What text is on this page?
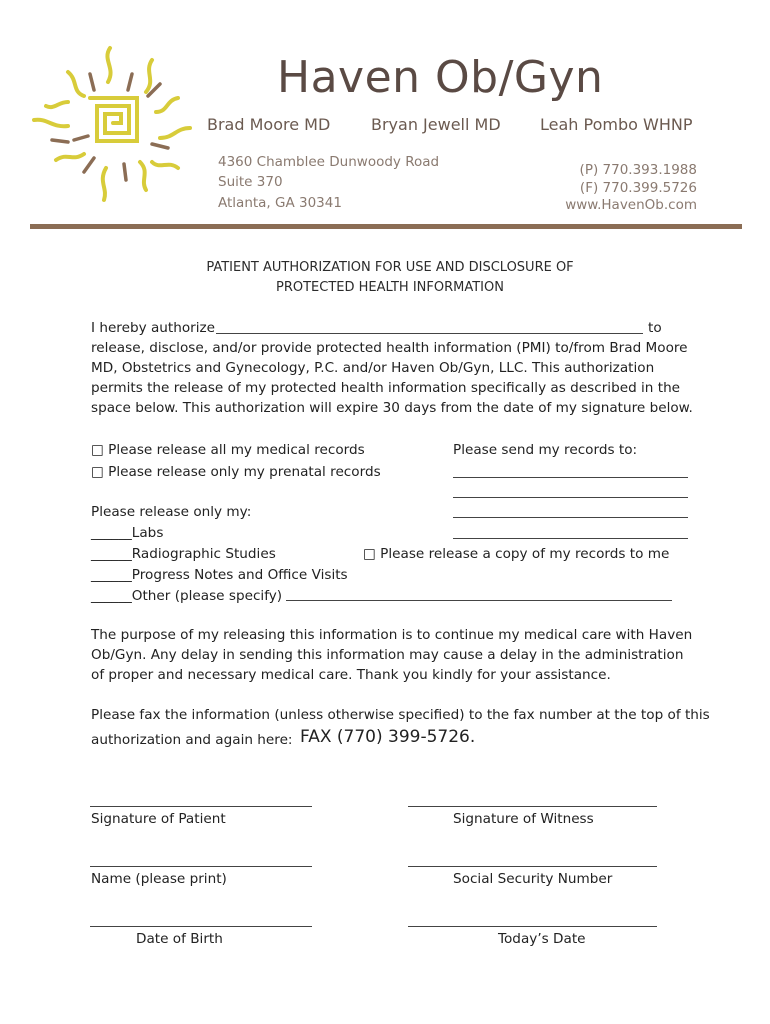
Haven Ob/Gyn
Brad Moore MD	Bryan Jewell MD Leah Pombo WHNP
4360 Chamblee Dunwoody Road
Suite 370
Atlanta, GA 30341
(P) 770.393.1988
(F) 770.399.5726
www.HavenOb.com
PATIENT AUTHORIZATION FOR USE AND DISCLOSURE OF
PROTECTED HEALTH INFORMATION
I hereby authorize	to
release, disclose, and/or provide protected health information (PMI) to/from Brad Moore
MD, Obstetrics and Gynecology, P.C. and/or Haven Ob/Gyn, LLC. This authorization
permits the release of my protected health information specifically as described in the
space below. This authorization will expire 30 days from the date of my signature below.
□ Please release all my medical records
□ Please release only my prenatal records
Please send my records to:
Please release only my:
______Labs
______Radiographic Studies
______Progress Notes and Office Visits
______Other (please specify)
□ Please release a copy of my records to me
The purpose of my releasing this information is to continue my medical care with Haven
Ob/Gyn. Any delay in sending this information may cause a delay in the administration
of proper and necessary medical care. Thank you kindly for your assistance.
Please fax the information (unless otherwise specified) to the fax number at the top of this
authorization and again here: FAX (770) 399-5726.
Signature of Patient	Signature of Witness
Name (please print)	Social Security Number
Date of Birth	Today’s Date
